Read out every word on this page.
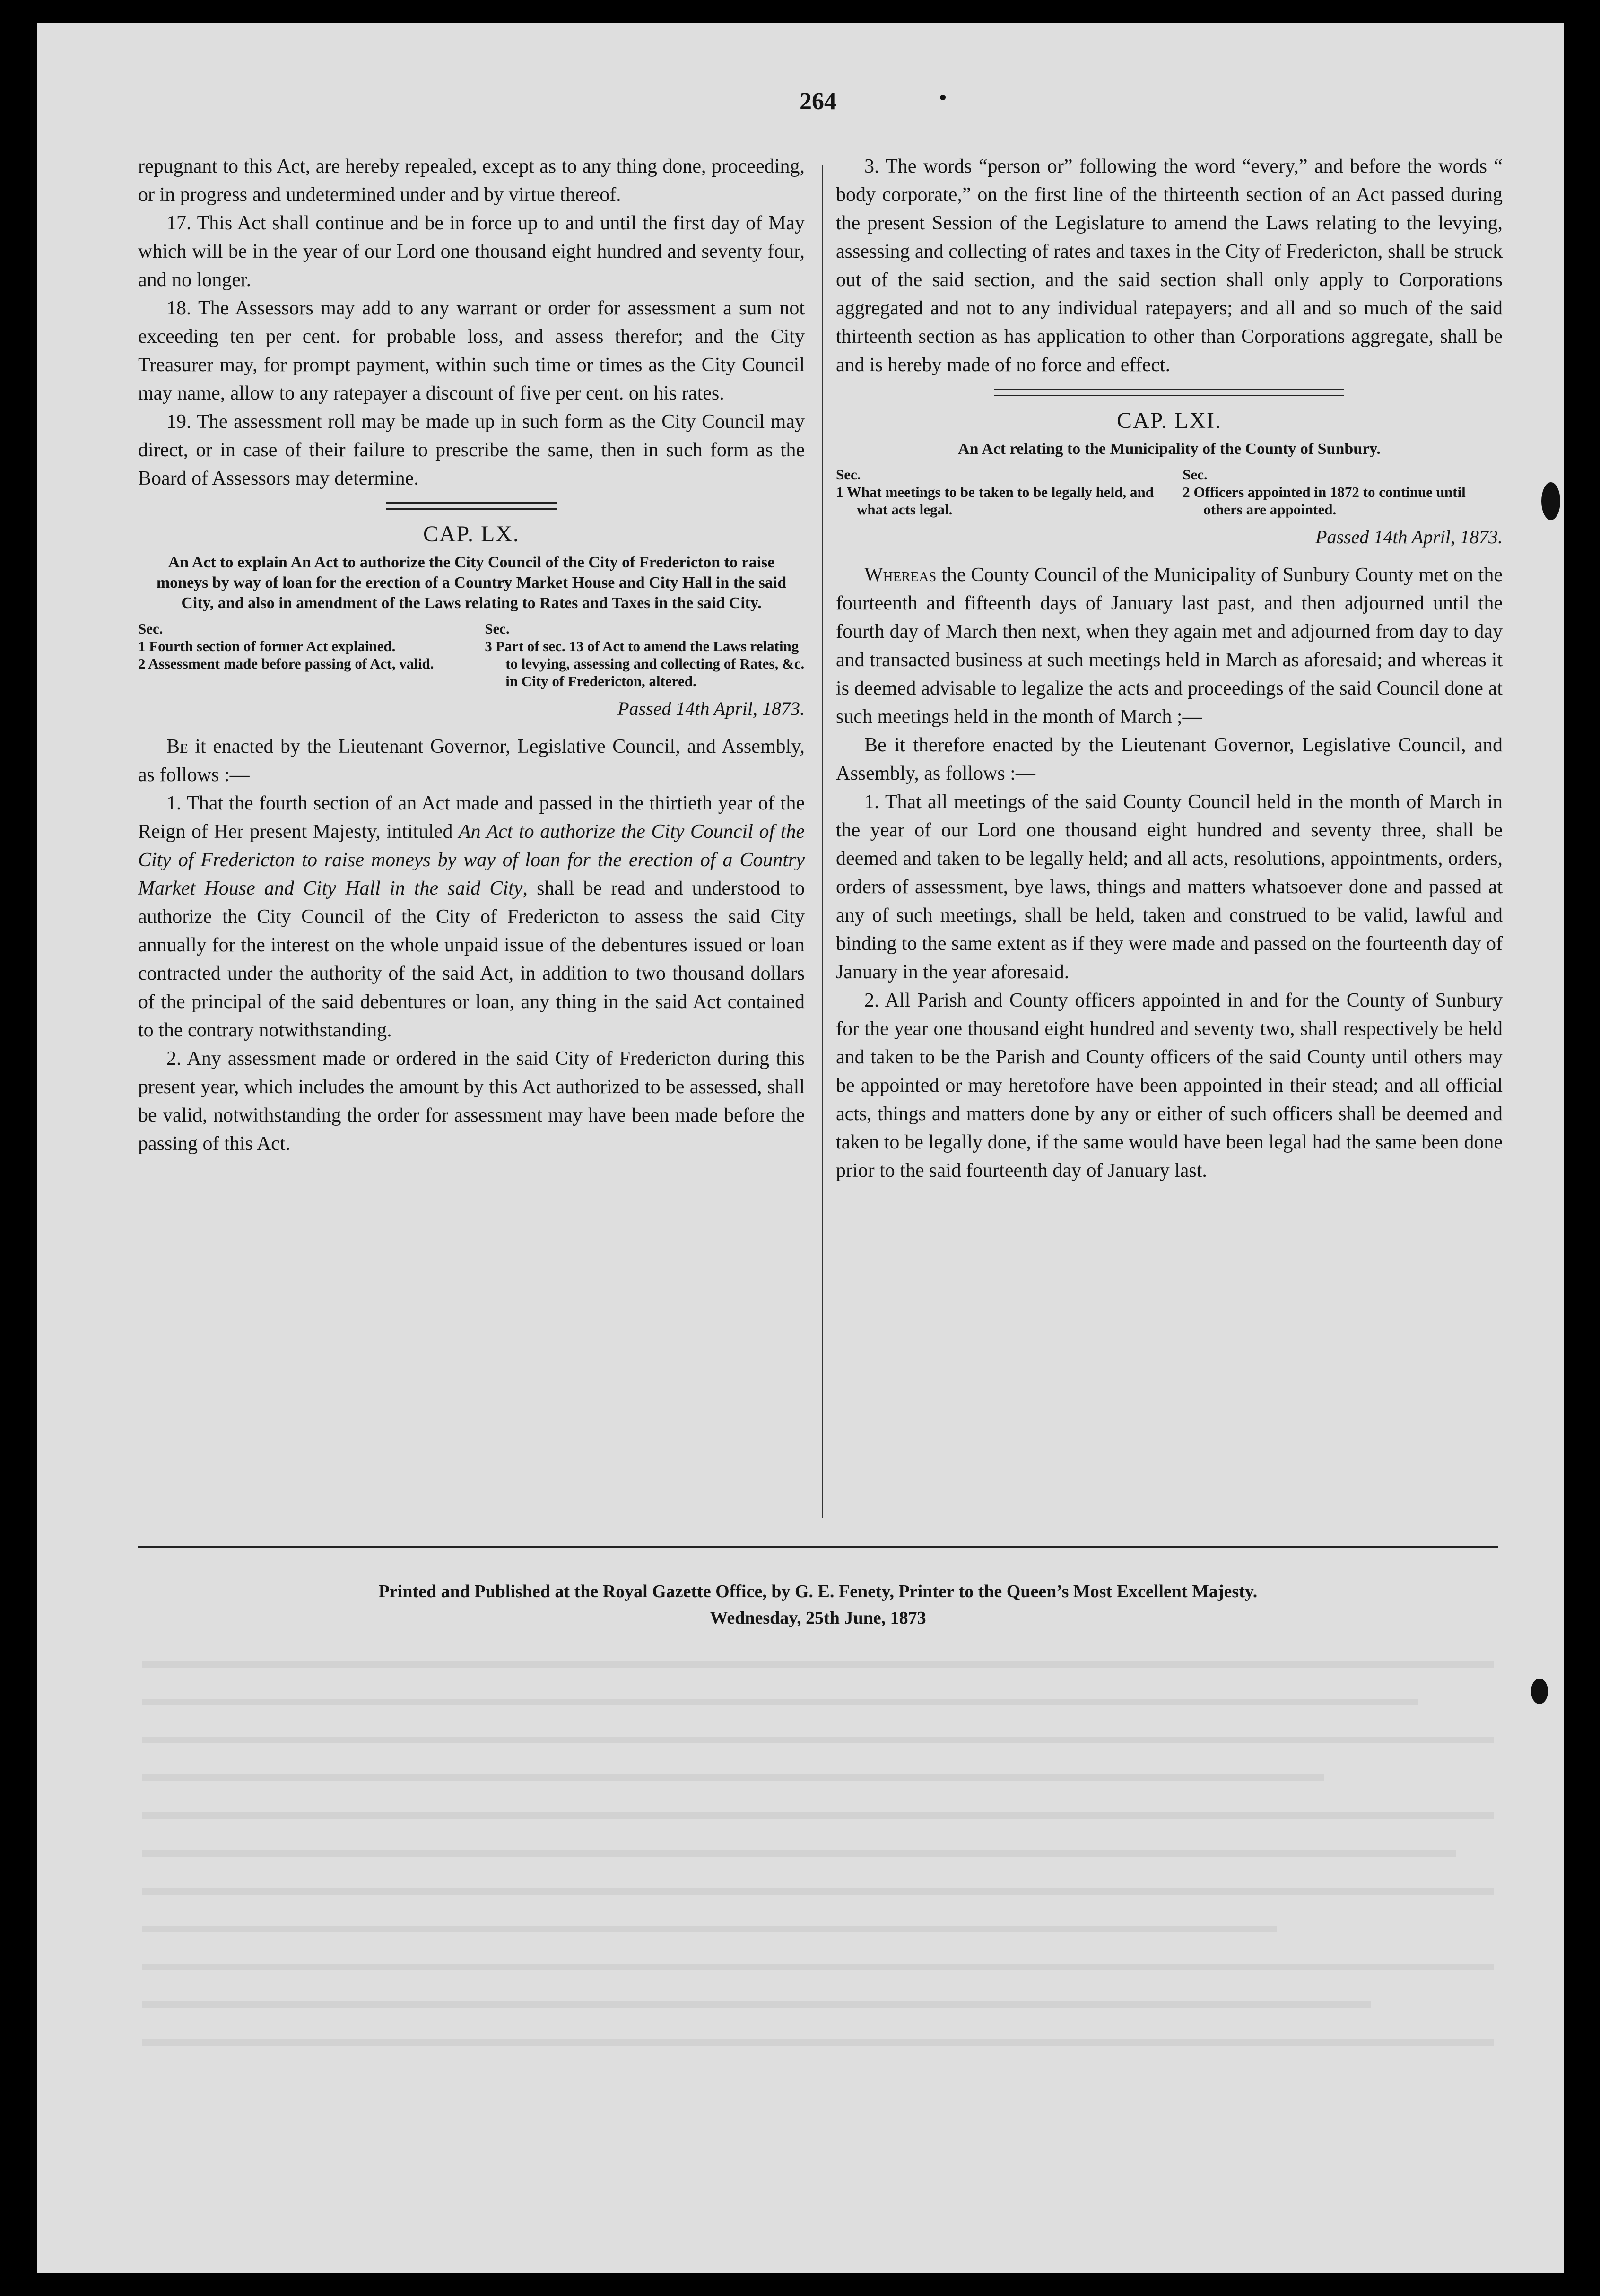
264

repugnant to this Act, are hereby repealed, except as to any thing done, proceeding, or in progress and undetermined under and by virtue thereof.

17. This Act shall continue and be in force up to and until the first day of May which will be in the year of our Lord one thousand eight hundred and seventy four, and no longer.

18. The Assessors may add to any warrant or order for assessment a sum not exceeding ten per cent. for probable loss, and assess therefor; and the City Treasurer may, for prompt payment, within such time or times as the City Council may name, allow to any ratepayer a discount of five per cent. on his rates.

19. The assessment roll may be made up in such form as the City Council may direct, or in case of their failure to prescribe the same, then in such form as the Board of Assessors may determine.

CAP. LX.
An Act to explain An Act to authorize the City Council of the City of Fredericton to raise moneys by way of loan for the erection of a Country Market House and City Hall in the said City, and also in amendment of the Laws relating to Rates and Taxes in the said City.
Sec.
1 Fourth section of former Act explained.
2 Assessment made before passing of Act, valid.
Sec.
3 Part of sec. 13 of Act to amend the Laws relating to levying, assessing and collecting of Rates, &c. in City of Fredericton, altered.
Passed 14th April, 1873.

Be it enacted by the Lieutenant Governor, Legislative Council, and Assembly, as follows :—

1. That the fourth section of an Act made and passed in the thirtieth year of the Reign of Her present Majesty, intituled An Act to authorize the City Council of the City of Fredericton to raise moneys by way of loan for the erection of a Country Market House and City Hall in the said City, shall be read and understood to authorize the City Council of the City of Fredericton to assess the said City annually for the interest on the whole unpaid issue of the debentures issued or loan contracted under the authority of the said Act, in addition to two thousand dollars of the principal of the said debentures or loan, any thing in the said Act contained to the contrary notwithstanding.

2. Any assessment made or ordered in the said City of Fredericton during this present year, which includes the amount by this Act authorized to be assessed, shall be valid, notwithstanding the order for assessment may have been made before the passing of this Act.

3. The words “person or” following the word “every,” and before the words “ body corporate,” on the first line of the thirteenth section of an Act passed during the present Session of the Legislature to amend the Laws relating to the levying, assessing and collecting of rates and taxes in the City of Fredericton, shall be struck out of the said section, and the said section shall only apply to Corporations aggregated and not to any individual ratepayers; and all and so much of the said thirteenth section as has application to other than Corporations aggregate, shall be and is hereby made of no force and effect.

CAP. LXI.
An Act relating to the Municipality of the County of Sunbury.
Sec.
1 What meetings to be taken to be legally held, and what acts legal.
Sec.
2 Officers appointed in 1872 to continue until others are appointed.
Passed 14th April, 1873.

Whereas the County Council of the Municipality of Sunbury County met on the fourteenth and fifteenth days of January last past, and then adjourned until the fourth day of March then next, when they again met and adjourned from day to day and transacted business at such meetings held in March as aforesaid; and whereas it is deemed advisable to legalize the acts and proceedings of the said Council done at such meetings held in the month of March ;—

Be it therefore enacted by the Lieutenant Governor, Legislative Council, and Assembly, as follows :—

1. That all meetings of the said County Council held in the month of March in the year of our Lord one thousand eight hundred and seventy three, shall be deemed and taken to be legally held; and all acts, resolutions, appointments, orders, orders of assessment, bye laws, things and matters whatsoever done and passed at any of such meetings, shall be held, taken and construed to be valid, lawful and binding to the same extent as if they were made and passed on the fourteenth day of January in the year aforesaid.

2. All Parish and County officers appointed in and for the County of Sunbury for the year one thousand eight hundred and seventy two, shall respectively be held and taken to be the Parish and County officers of the said County until others may be appointed or may heretofore have been appointed in their stead; and all official acts, things and matters done by any or either of such officers shall be deemed and taken to be legally done, if the same would have been legal had the same been done prior to the said fourteenth day of January last.

Printed and Published at the Royal Gazette Office, by G. E. Fenety, Printer to the Queen’s Most Excellent Majesty.
Wednesday, 25th June, 1873
